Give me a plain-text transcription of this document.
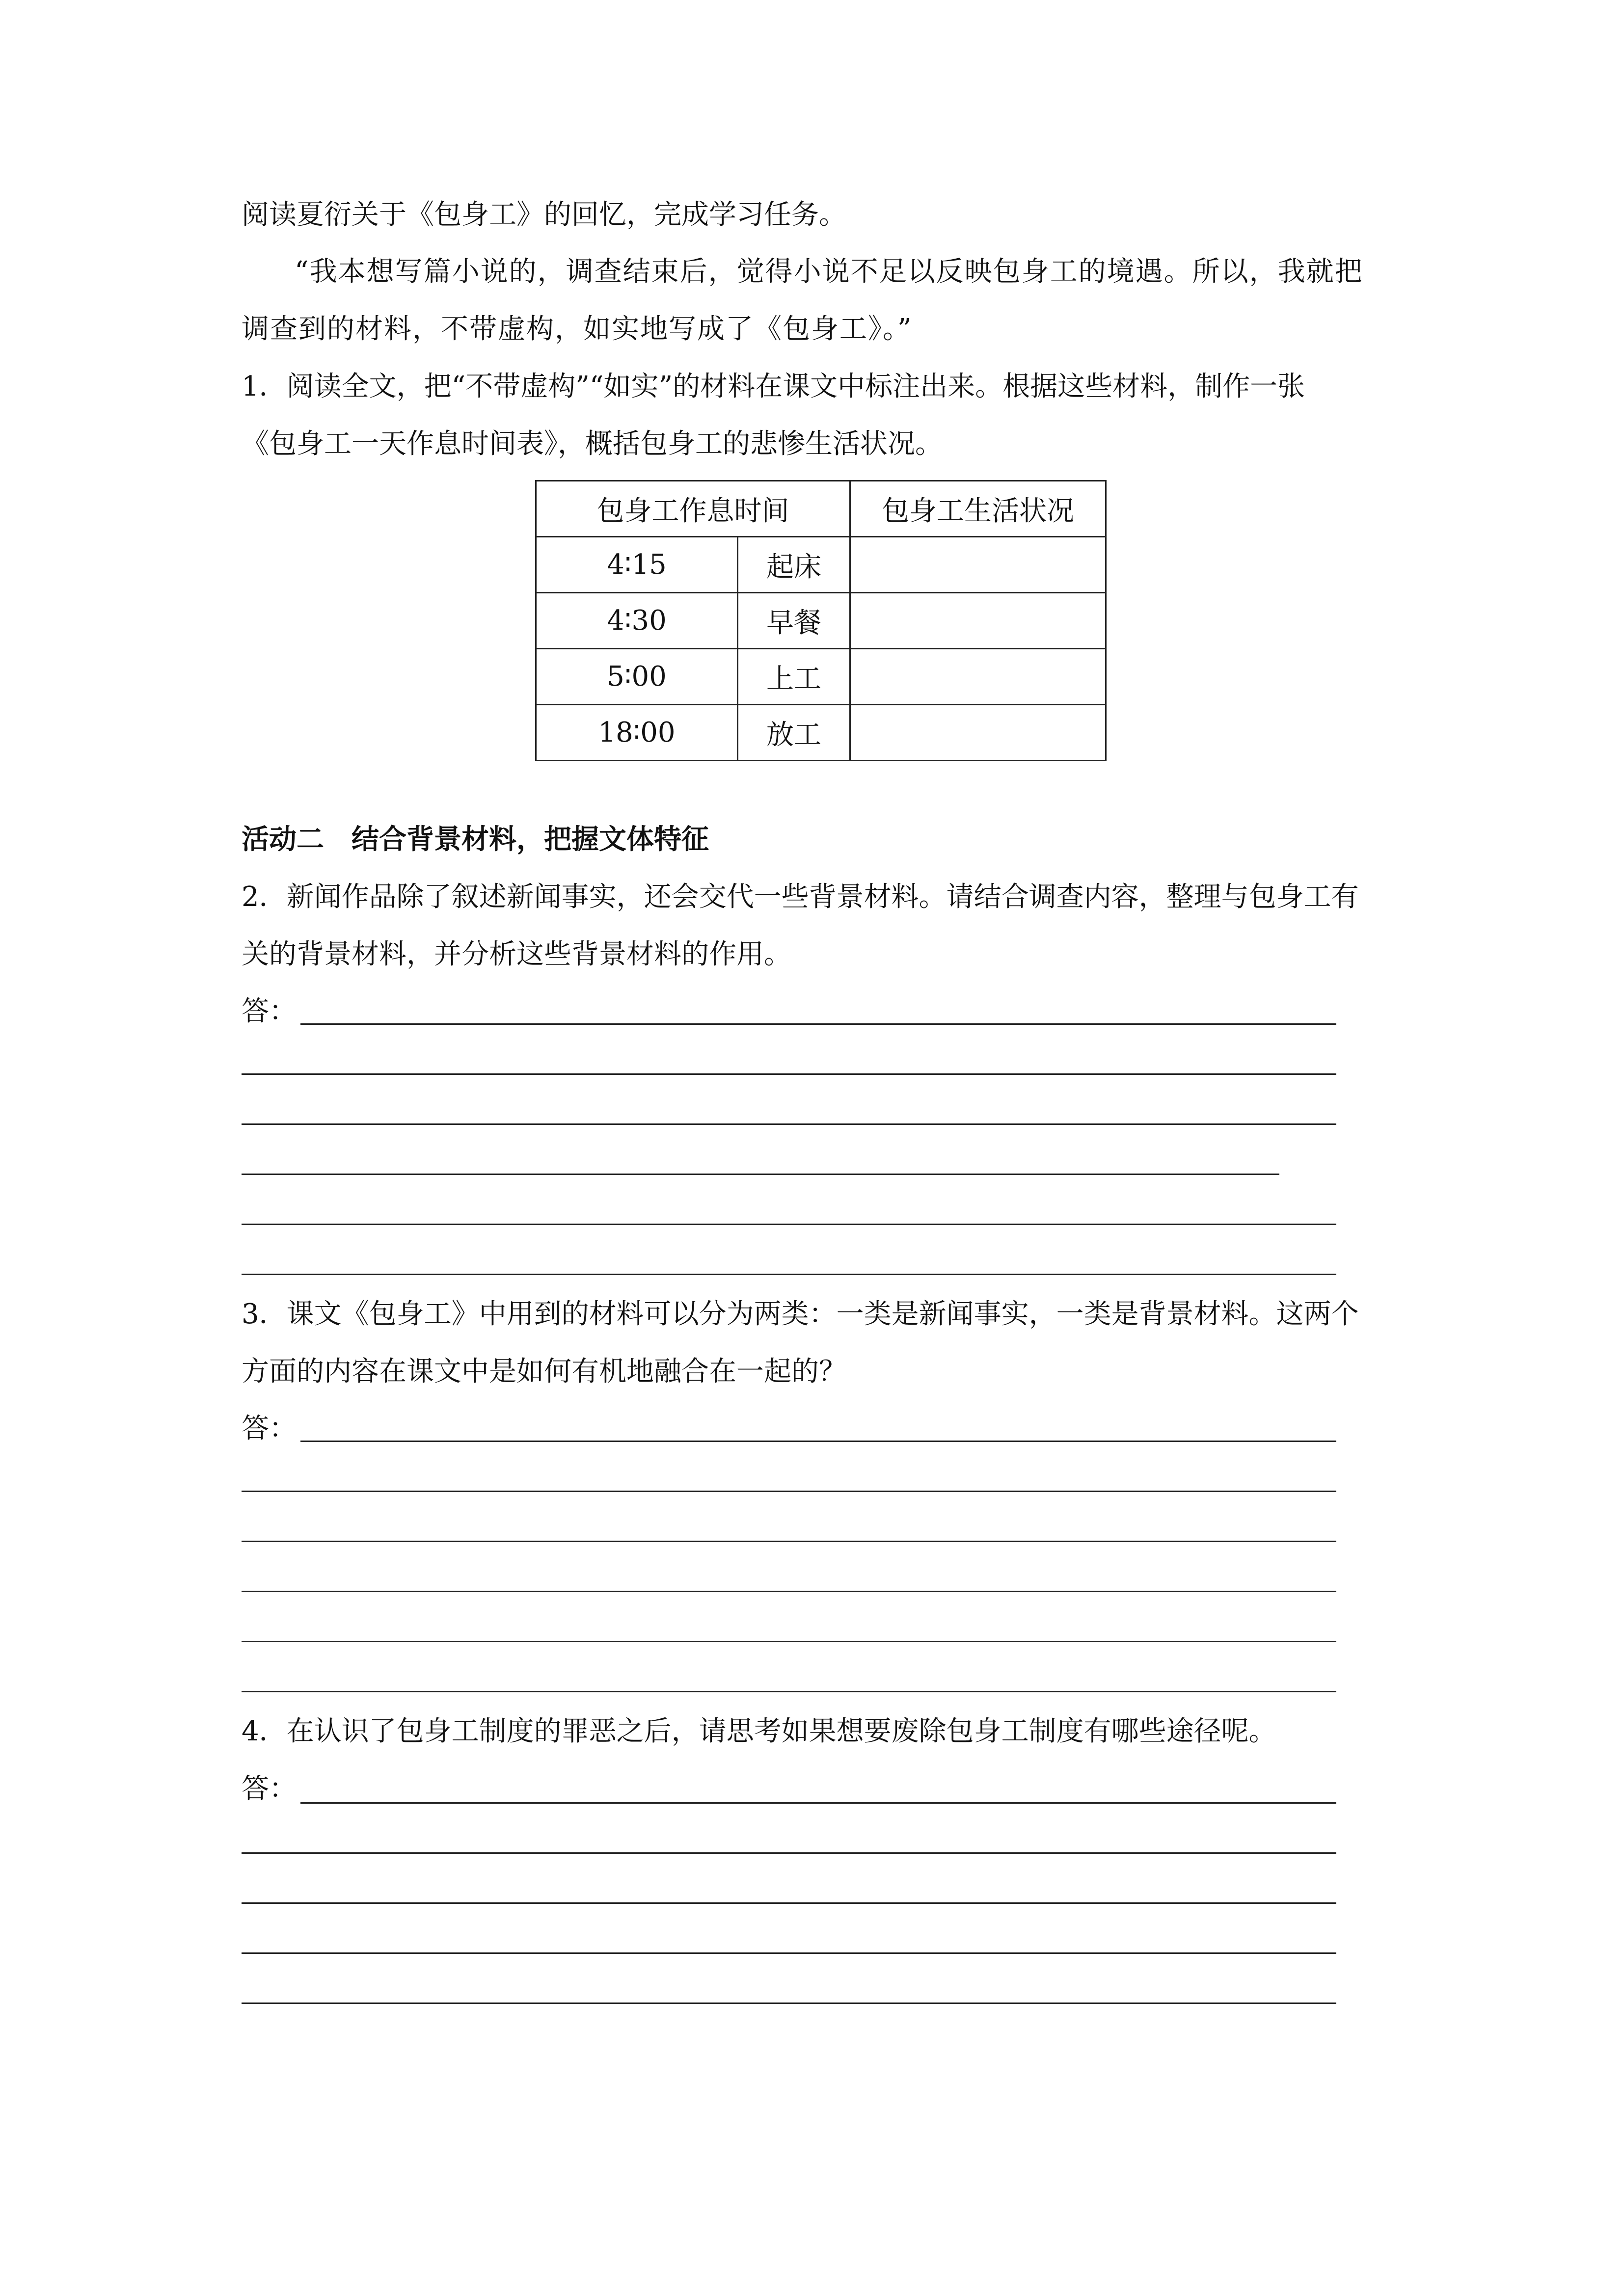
阅读夏衍关于《包身工》的回忆，完成学习任务。
“我本想写篇小说的，调查结束后，觉得小说不足以反映包身工的境遇。所以，我就把
调查到的材料，不带虚构，如实地写成了《包身工》。”
1．阅读全文，把“不带虚构”“如实”的材料在课文中标注出来。根据这些材料，制作一张
《包身工一天作息时间表》，概括包身工的悲惨生活状况。
包身工作息时间		包身工生活状况
4∶15	起床	
4∶30	早餐	
5∶00	上工	
18∶00	放工	
活动二　结合背景材料，把握文体特征
2．新闻作品除了叙述新闻事实，还会交代一些背景材料。请结合调查内容，整理与包身工有
关的背景材料，并分析这些背景材料的作用。
答：
3．课文《包身工》中用到的材料可以分为两类：一类是新闻事实，一类是背景材料。这两个
方面的内容在课文中是如何有机地融合在一起的？
答：
4．在认识了包身工制度的罪恶之后，请思考如果想要废除包身工制度有哪些途径呢。
答：
